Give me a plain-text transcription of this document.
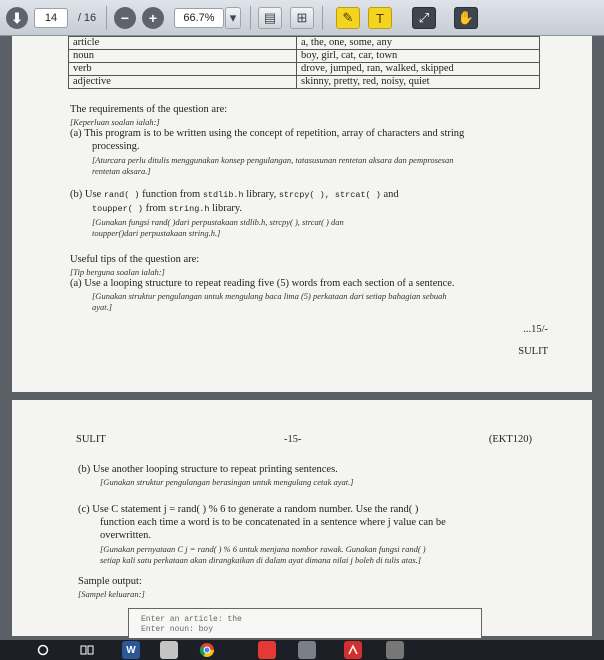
⬇	14	/ 16	−	+	66.7%	▾	▤	⊞	✎	T	⤢	✋
article	a, the, one, some, any
noun	boy, girl, cat, car, town
verb	drove, jumped, ran, walked, skipped
adjective	skinny, pretty, red, noisy, quiet
The requirements of the question are:
[Keperluan soalan ialah:]
(a) This program is to be written using the concept of repetition, array of characters and string
processing.
[Aturcara perlu ditulis menggunakan konsep pengulangan, tatasusunan rentetan aksara dan pemprosesan
rentetan aksara.]
(b) Use rand( ) function from stdlib.h library, strcpy( ), strcat( ) and
toupper( ) from string.h library.
[Gunakan fungsi rand( )dari perpustakaan stdlib.h, strcpy( ), strcat( ) dan
toupper()dari perpustakaan string.h.]
Useful tips of the question are:
[Tip berguna soalan ialah:]
(a) Use a looping structure to repeat reading five (5) words from each section of a sentence.
[Gunakan struktur pengulangan untuk mengulang baca lima (5) perkataan dari setiap bahagian sebuah
ayat.]
...15/-
SULIT
SULIT	-15-	(EKT120)
(b) Use another looping structure to repeat printing sentences.
[Gunakan struktur pengulangan berasingan untuk mengulang cetak ayat.]
(c) Use C statement j = rand( ) % 6 to generate a random number. Use the rand( )
function each time a word is to be concatenated in a sentence where j value can be
overwritten.
[Gunakan pernyataan C j = rand( ) % 6 untuk menjana nombor rawak. Gunakan fungsi rand( )
setiap kali satu perkataan akan dirangkaikan di dalam ayat dimana nilai j boleh di tulis atas.]
Sample output:
[Sampel keluaran:]
Enter an article: the
Enter noun: boy
W
